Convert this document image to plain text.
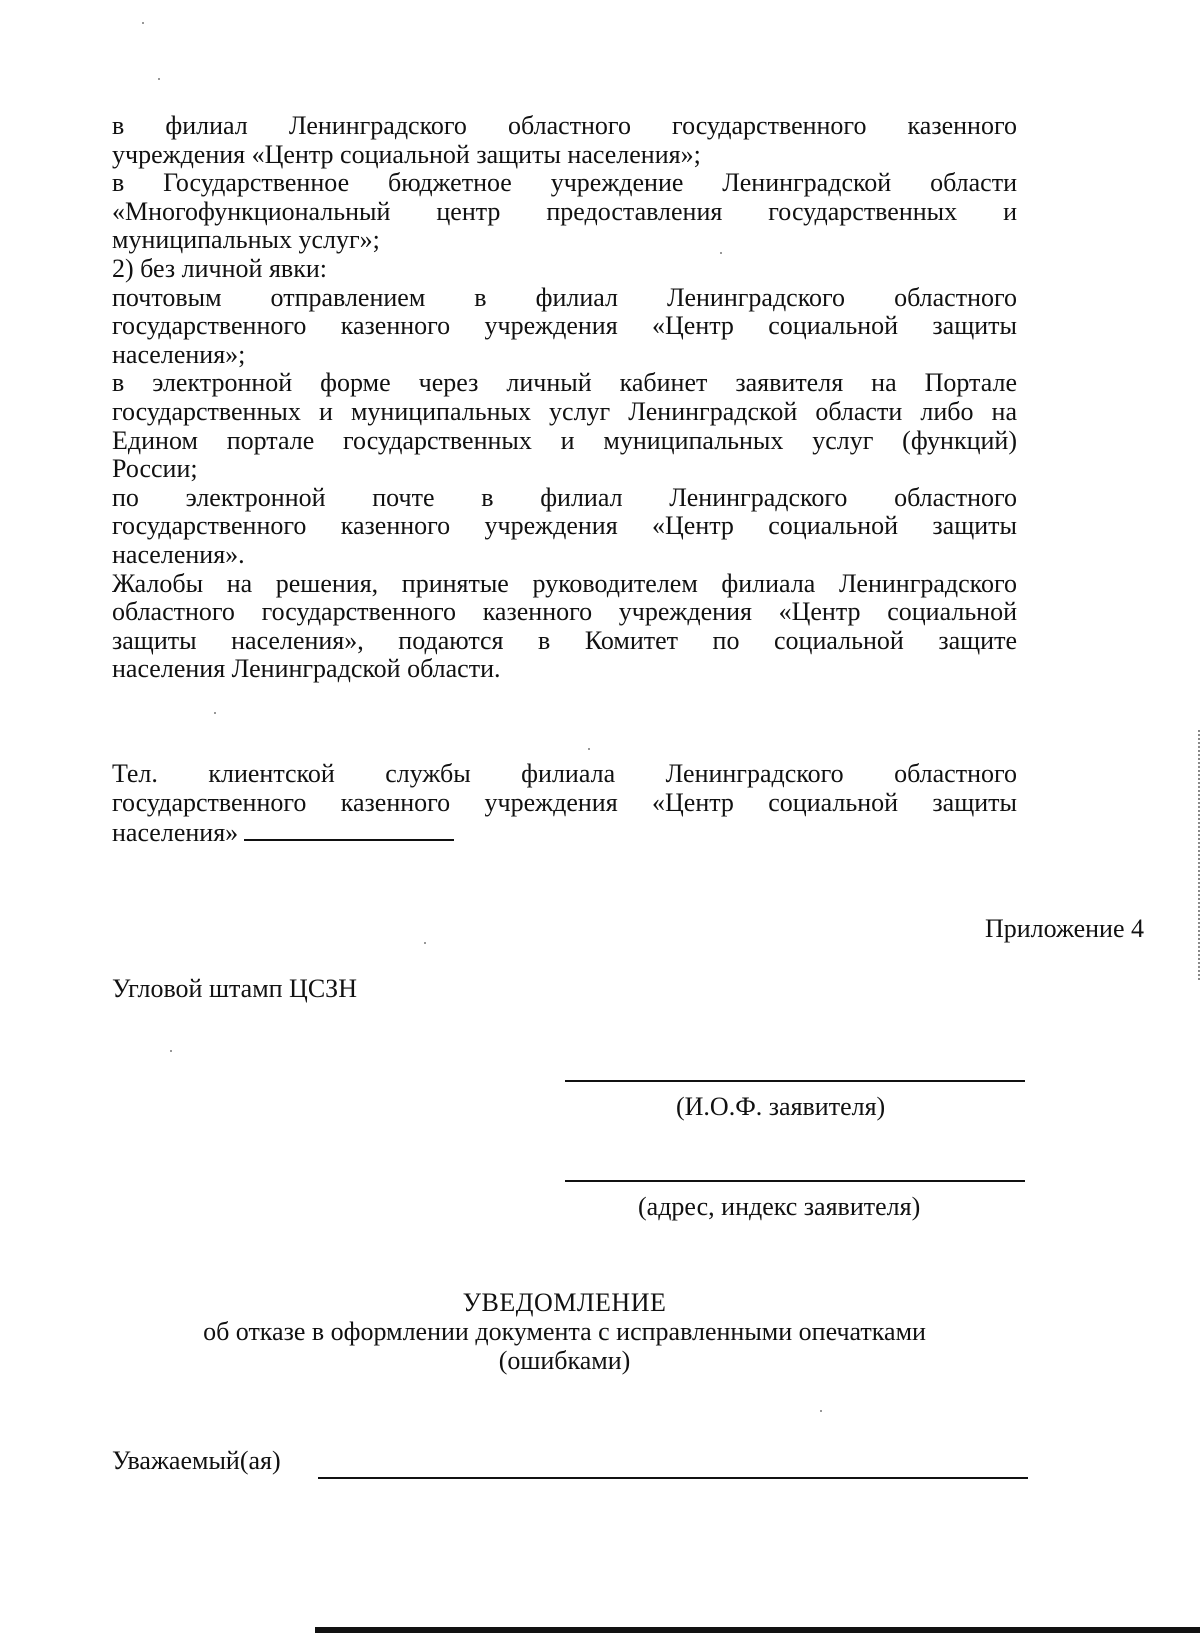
в филиал Ленинградского областного государственного казенного
учреждения «Центр социальной защиты населения»;
в Государственное бюджетное учреждение Ленинградской области
«Многофункциональный центр предоставления государственных и
муниципальных услуг»;
2) без личной явки:
почтовым отправлением в филиал Ленинградского областного
государственного казенного учреждения «Центр социальной защиты
населения»;
в электронной форме через личный кабинет заявителя на Портале
государственных и муниципальных услуг Ленинградской области либо на
Едином портале государственных и муниципальных услуг (функций)
России;
по электронной почте в филиал Ленинградского областного
государственного казенного учреждения «Центр социальной защиты
населения».
Жалобы на решения, принятые руководителем филиала Ленинградского
областного государственного казенного учреждения «Центр социальной
защиты населения», подаются в Комитет по социальной защите
населения Ленинградской области.
Тел. клиентской службы филиала Ленинградского областного
государственного казенного учреждения «Центр социальной защиты
населения»
Приложение 4
Угловой штамп ЦСЗН
(И.О.Ф. заявителя)
(адрес, индекс заявителя)
УВЕДОМЛЕНИЕ
об отказе в оформлении документа с исправленными опечатками
(ошибками)
Уважаемый(ая)
